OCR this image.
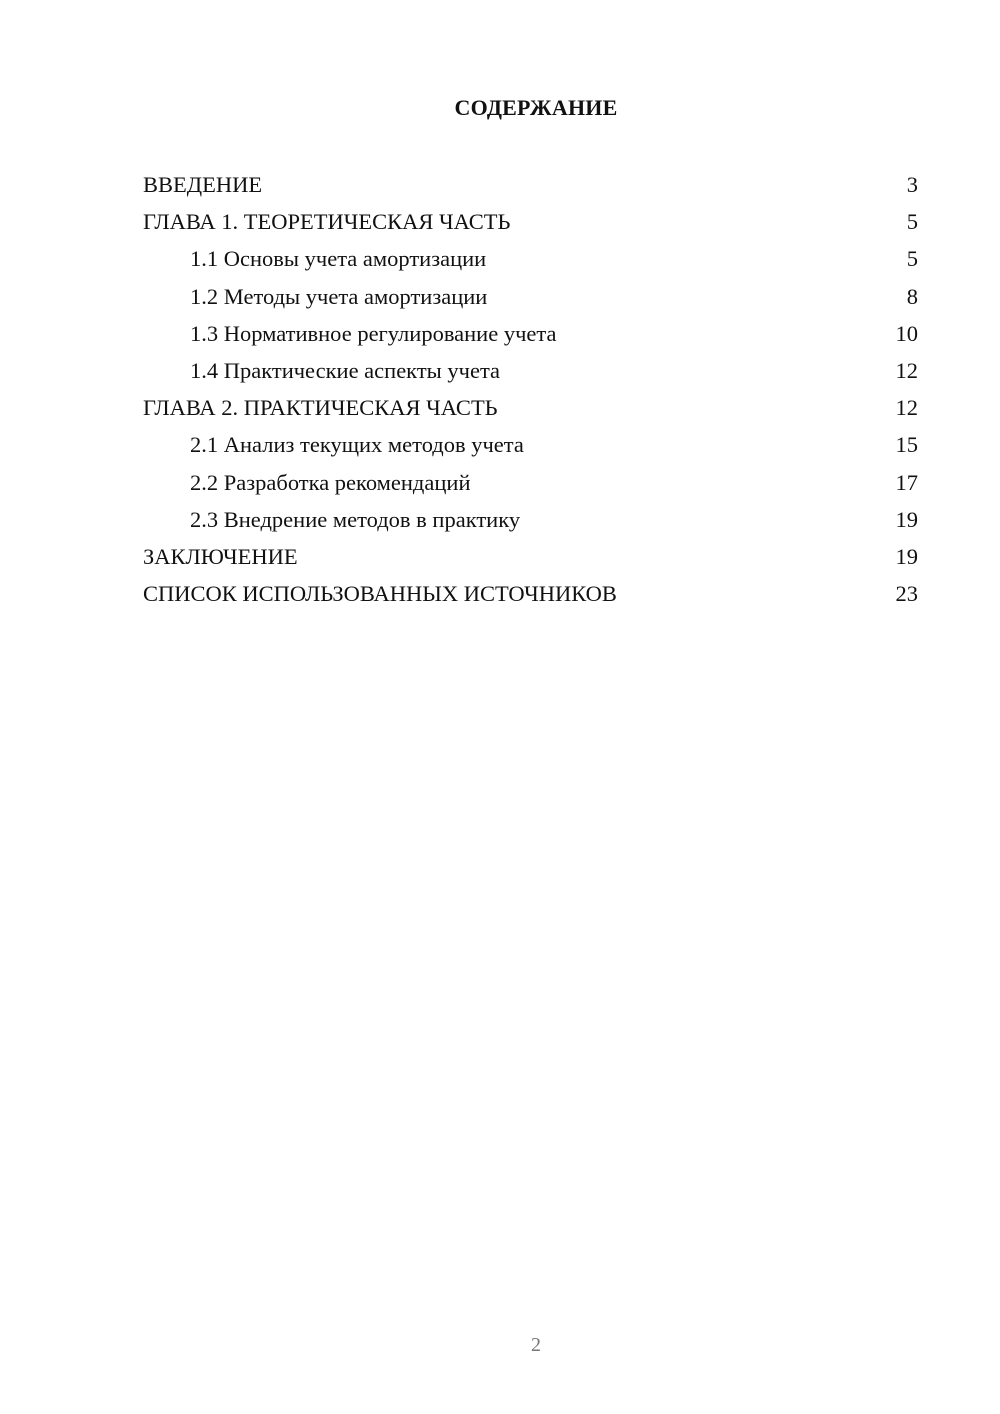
СОДЕРЖАНИЕ
ВВЕДЕНИЕ	3
ГЛАВА 1. ТЕОРЕТИЧЕСКАЯ ЧАСТЬ	5
1.1 Основы учета амортизации	5
1.2 Методы учета амортизации	8
1.3 Нормативное регулирование учета	10
1.4 Практические аспекты учета	12
ГЛАВА 2. ПРАКТИЧЕСКАЯ ЧАСТЬ	12
2.1 Анализ текущих методов учета	15
2.2 Разработка рекомендаций	17
2.3 Внедрение методов в практику	19
ЗАКЛЮЧЕНИЕ	19
СПИСОК ИСПОЛЬЗОВАННЫХ ИСТОЧНИКОВ	23
2
